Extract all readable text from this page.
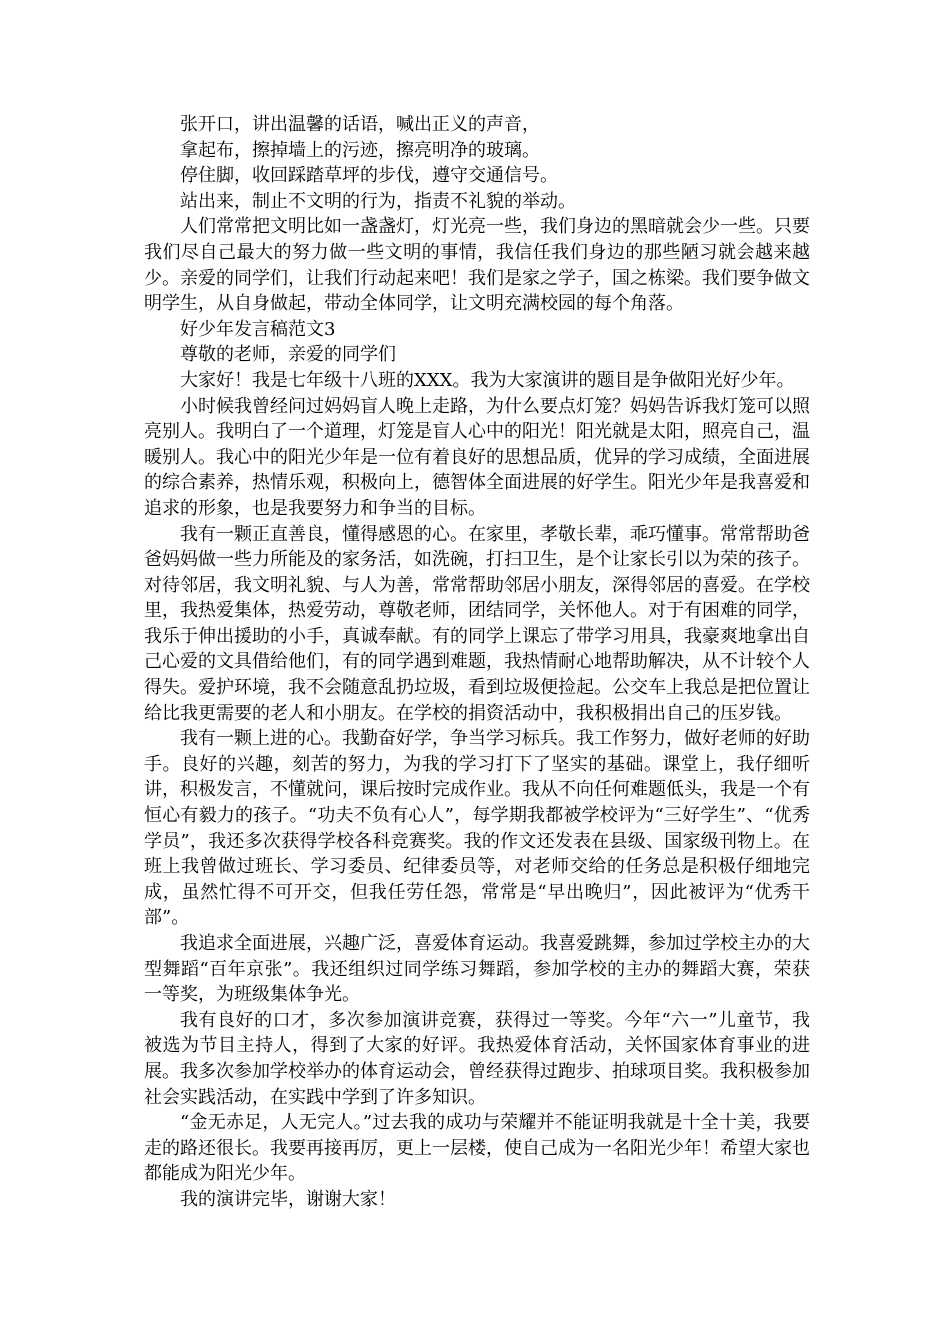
张开口，讲出温馨的话语，喊出正义的声音，

拿起布，擦掉墙上的污迹，擦亮明净的玻璃。

停住脚，收回踩踏草坪的步伐，遵守交通信号。

站出来，制止不文明的行为，指责不礼貌的举动。

人们常常把文明比如一盏盏灯，灯光亮一些，我们身边的黑暗就会少一些。只要我们尽自己最大的努力做一些文明的事情，我信任我们身边的那些陋习就会越来越少。亲爱的同学们，让我们行动起来吧！我们是家之学子，国之栋梁。我们要争做文明学生，从自身做起，带动全体同学，让文明充满校园的每个角落。

好少年发言稿范文3

尊敬的老师，亲爱的同学们

大家好！我是七年级十八班的XXX。我为大家演讲的题目是争做阳光好少年。

小时候我曾经问过妈妈盲人晚上走路，为什么要点灯笼？妈妈告诉我灯笼可以照亮别人。我明白了一个道理，灯笼是盲人心中的阳光！阳光就是太阳，照亮自己，温暖别人。我心中的阳光少年是一位有着良好的思想品质，优异的学习成绩，全面进展的综合素养，热情乐观，积极向上，德智体全面进展的好学生。阳光少年是我喜爱和追求的形象，也是我要努力和争当的目标。

我有一颗正直善良，懂得感恩的心。在家里，孝敬长辈，乖巧懂事。常常帮助爸爸妈妈做一些力所能及的家务活，如洗碗，打扫卫生，是个让家长引以为荣的孩子。对待邻居，我文明礼貌、与人为善，常常帮助邻居小朋友，深得邻居的喜爱。在学校里，我热爱集体，热爱劳动，尊敬老师，团结同学，关怀他人。对于有困难的同学，我乐于伸出援助的小手，真诚奉献。有的同学上课忘了带学习用具，我豪爽地拿出自己心爱的文具借给他们，有的同学遇到难题，我热情耐心地帮助解决，从不计较个人得失。爱护环境，我不会随意乱扔垃圾，看到垃圾便捡起。公交车上我总是把位置让给比我更需要的老人和小朋友。在学校的捐资活动中，我积极捐出自己的压岁钱。

我有一颗上进的心。我勤奋好学，争当学习标兵。我工作努力，做好老师的好助手。良好的兴趣，刻苦的努力，为我的学习打下了坚实的基础。课堂上，我仔细听讲，积极发言，不懂就问，课后按时完成作业。我从不向任何难题低头，我是一个有恒心有毅力的孩子。“功夫不负有心人”，每学期我都被学校评为“三好学生”、“优秀学员”，我还多次获得学校各科竞赛奖。我的作文还发表在县级、国家级刊物上。在班上我曾做过班长、学习委员、纪律委员等，对老师交给的任务总是积极仔细地完成，虽然忙得不可开交，但我任劳任怨，常常是“早出晚归”，因此被评为“优秀干部”。

我追求全面进展，兴趣广泛，喜爱体育运动。我喜爱跳舞，参加过学校主办的大型舞蹈“百年京张”。我还组织过同学练习舞蹈，参加学校的主办的舞蹈大赛，荣获一等奖，为班级集体争光。

我有良好的口才，多次参加演讲竞赛，获得过一等奖。今年“六一”儿童节，我被选为节目主持人，得到了大家的好评。我热爱体育活动，关怀国家体育事业的进展。我多次参加学校举办的体育运动会，曾经获得过跑步、拍球项目奖。我积极参加社会实践活动，在实践中学到了许多知识。

“金无赤足，人无完人。”过去我的成功与荣耀并不能证明我就是十全十美，我要走的路还很长。我要再接再厉，更上一层楼，使自己成为一名阳光少年！希望大家也都能成为阳光少年。

我的演讲完毕，谢谢大家！
